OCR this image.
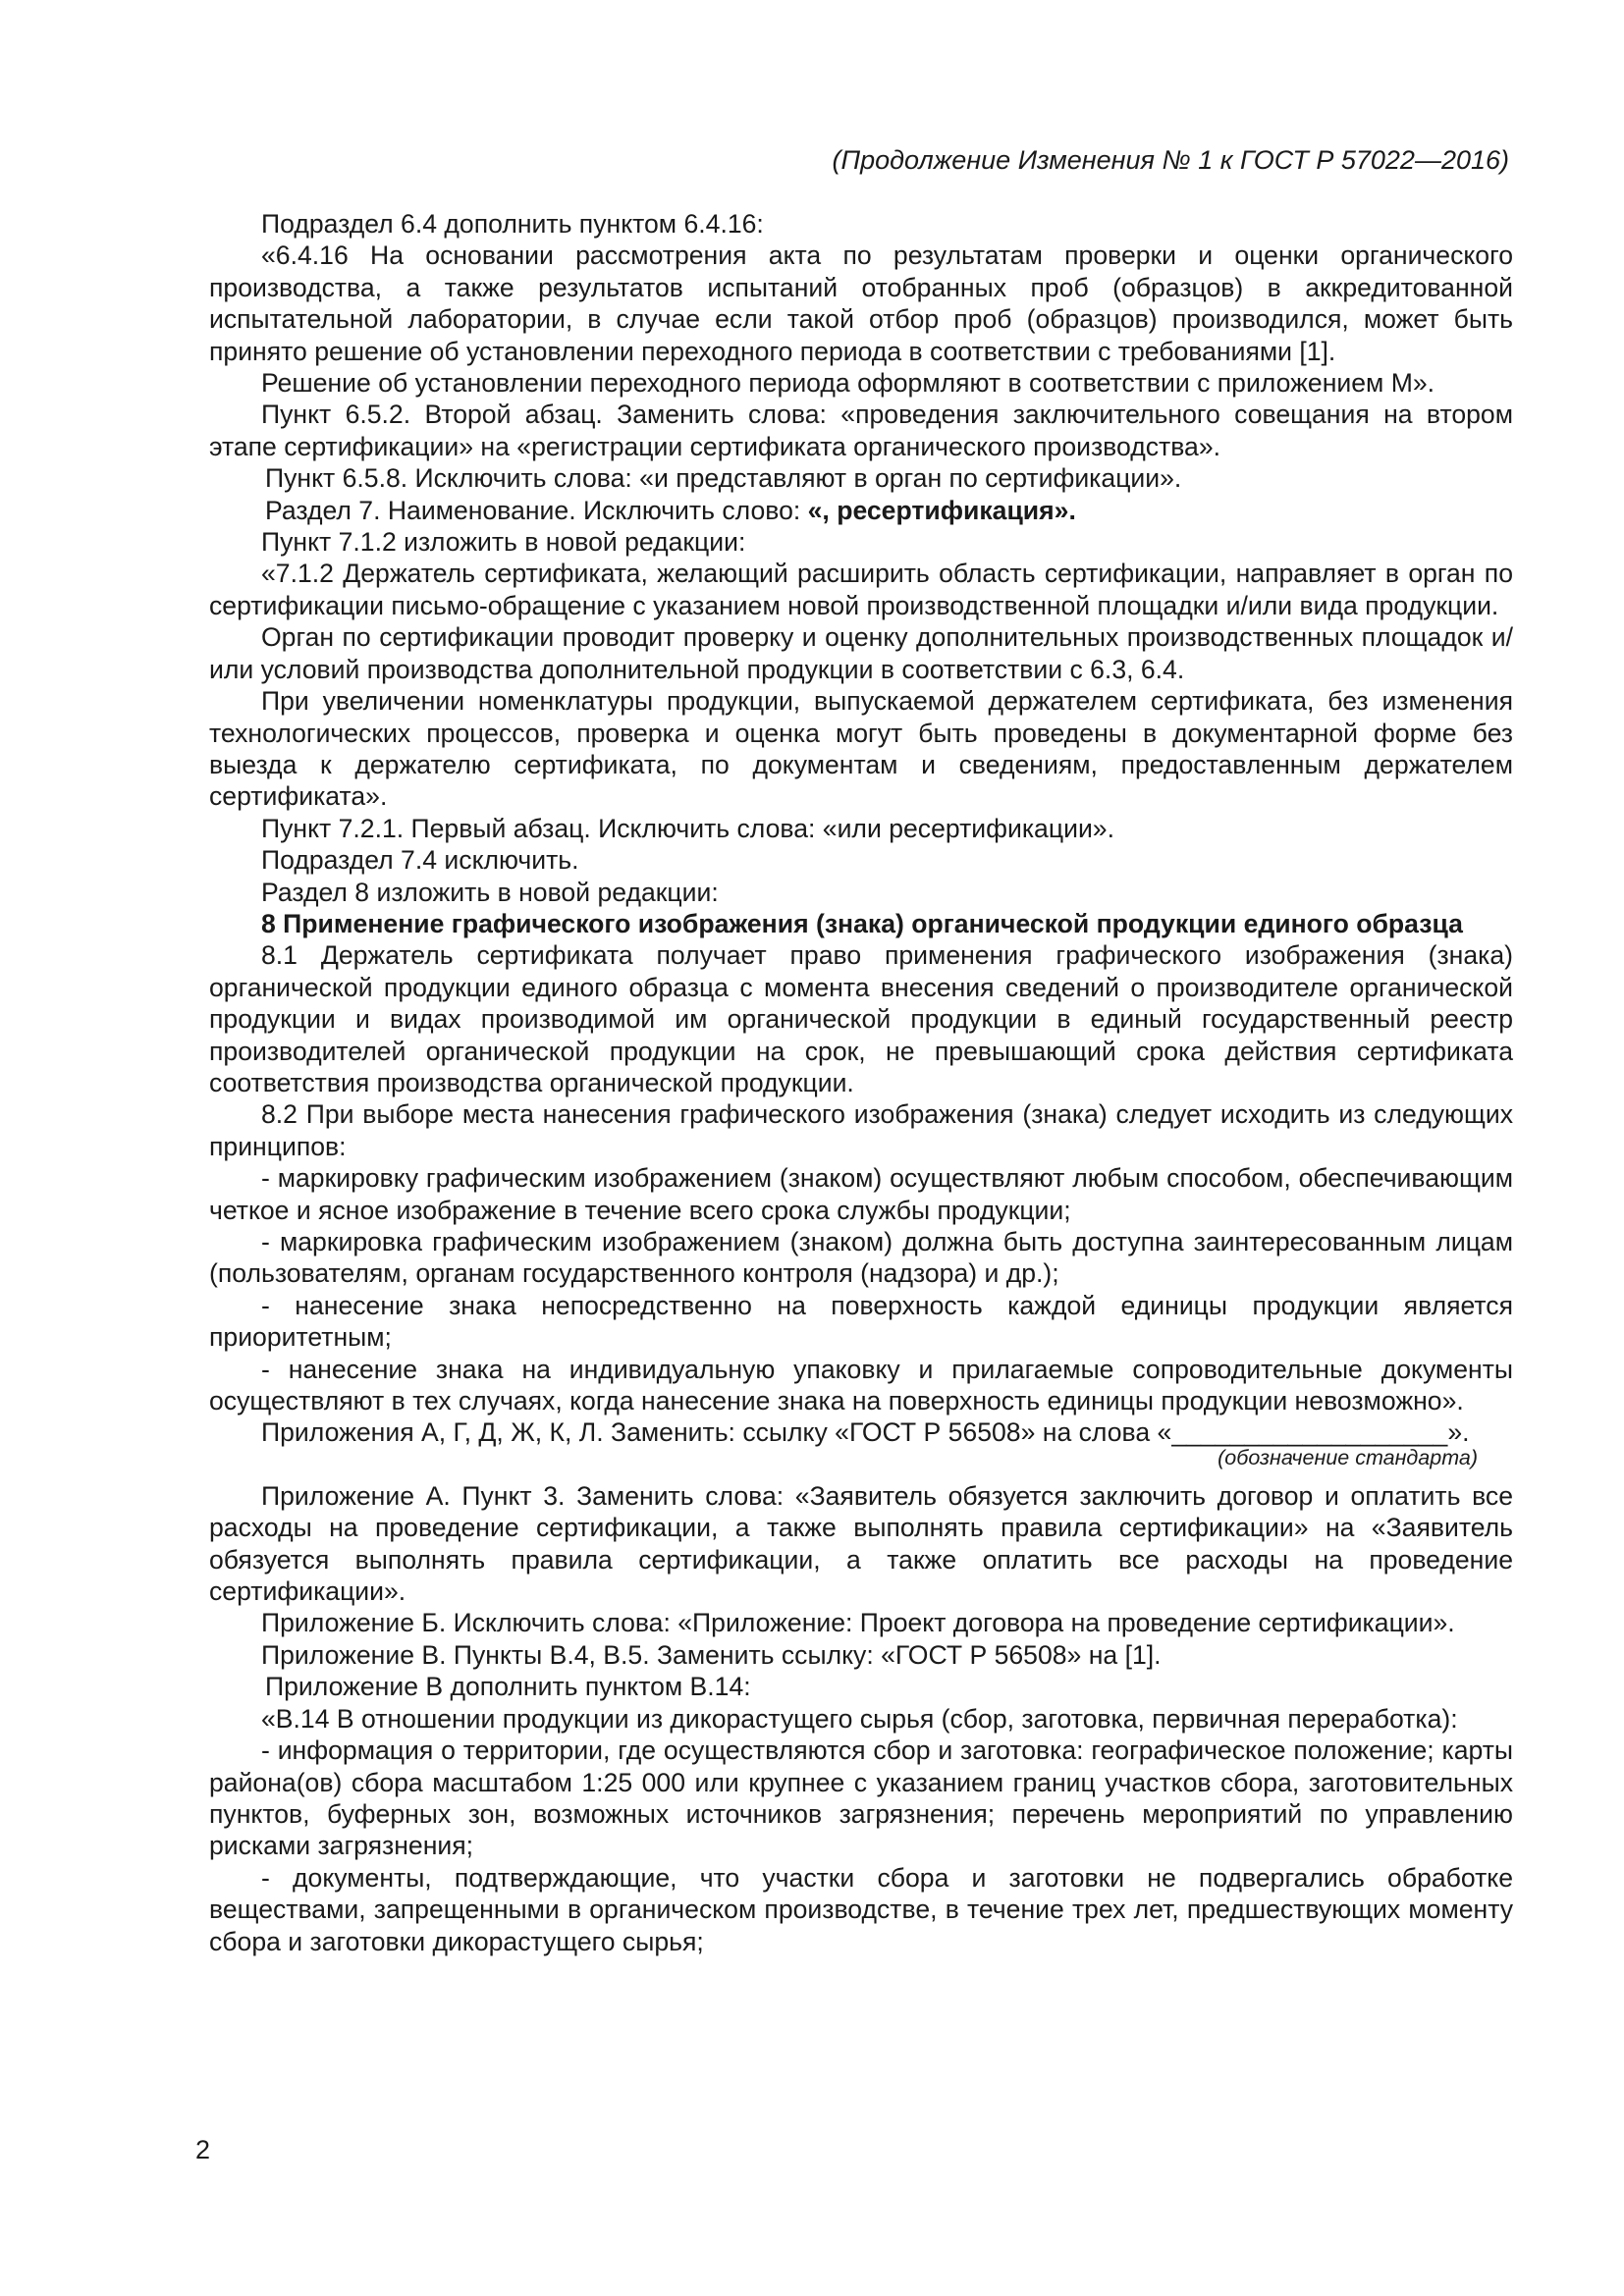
(Продолжение Изменения № 1 к ГОСТ Р 57022—2016)

Подраздел 6.4 дополнить пунктом 6.4.16:

«6.4.16 На основании рассмотрения акта по результатам проверки и оценки органического производства, а также результатов испытаний отобранных проб (образцов) в аккредитованной испытательной лаборатории, в случае если такой отбор проб (образцов) производился, может быть принято решение об установлении переходного периода в соответствии с требованиями [1].

Решение об установлении переходного периода оформляют в соответствии с приложением М».

Пункт 6.5.2. Второй абзац. Заменить слова: «проведения заключительного совещания на втором этапе сертификации» на «регистрации сертификата органического производства».

Пункт 6.5.8. Исключить слова: «и представляют в орган по сертификации».

Раздел 7. Наименование. Исключить слово: «, ресертификация».

Пункт 7.1.2 изложить в новой редакции:

«7.1.2 Держатель сертификата, желающий расширить область сертификации, направляет в орган по сертификации письмо-обращение с указанием новой производственной площадки и/или вида продукции.

Орган по сертификации проводит проверку и оценку дополнительных производственных площадок и/или условий производства дополнительной продукции в соответствии с 6.3, 6.4.

При увеличении номенклатуры продукции, выпускаемой держателем сертификата, без изменения технологических процессов, проверка и оценка могут быть проведены в документарной форме без выезда к держателю сертификата, по документам и сведениям, предоставленным держателем сертификата».

Пункт 7.2.1. Первый абзац. Исключить слова: «или ресертификации».

Подраздел 7.4 исключить.

Раздел 8 изложить в новой редакции:

8 Применение графического изображения (знака) органической продукции единого образца

8.1 Держатель сертификата получает право применения графического изображения (знака) органической продукции единого образца с момента внесения сведений о производителе органической продукции и видах производимой им органической продукции в единый государственный реестр производителей органической продукции на срок, не превышающий срока действия сертификата соответствия производства органической продукции.

8.2 При выборе места нанесения графического изображения (знака) следует исходить из следующих принципов:

- маркировку графическим изображением (знаком) осуществляют любым способом, обеспечивающим четкое и ясное изображение в течение всего срока службы продукции;

- маркировка графическим изображением (знаком) должна быть доступна заинтересованным лицам (пользователям, органам государственного контроля (надзора) и др.);

- нанесение знака непосредственно на поверхность каждой единицы продукции является приоритетным;

- нанесение знака на индивидуальную упаковку и прилагаемые сопроводительные документы осуществляют в тех случаях, когда нанесение знака на поверхность единицы продукции невозможно».

Приложения А, Г, Д, Ж, К, Л. Заменить: ссылку «ГОСТ Р 56508» на слова «___________________».

(обозначение стандарта)

Приложение А. Пункт 3. Заменить слова: «Заявитель обязуется заключить договор и оплатить все расходы на проведение сертификации, а также выполнять правила сертификации» на «Заявитель обязуется выполнять правила сертификации, а также оплатить все расходы на проведение сертификации».

Приложение Б. Исключить слова: «Приложение: Проект договора на проведение сертификации».

Приложение В. Пункты В.4, В.5. Заменить ссылку: «ГОСТ Р 56508» на [1].

Приложение В дополнить пунктом В.14:

«В.14 В отношении продукции из дикорастущего сырья (сбор, заготовка, первичная переработка):

- информация о территории, где осуществляются сбор и заготовка: географическое положение; карты района(ов) сбора масштабом 1:25 000 или крупнее с указанием границ участков сбора, заготовительных пунктов, буферных зон, возможных источников загрязнения; перечень мероприятий по управлению рисками загрязнения;

- документы, подтверждающие, что участки сбора и заготовки не подвергались обработке веществами, запрещенными в органическом производстве, в течение трех лет, предшествующих моменту сбора и заготовки дикорастущего сырья;

2
